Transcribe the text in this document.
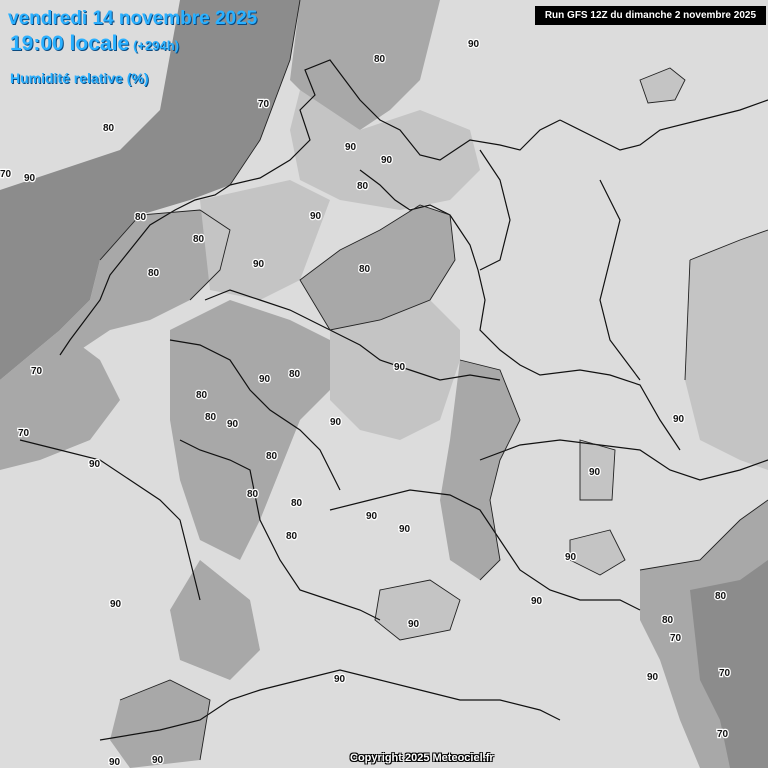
90
80
70
80
90
90
90
80
80	90
80
80	80
90
70
70
90 80
90
80
80
90	90
90
80
80
80
80
90
90
90
90
90
90
90
90
80
70
90	70
70
80
90
90	90
70
vendredi 14 novembre 2025
19:00 locale (+294h)
Humidité relative (%)
Run GFS 12Z du dimanche 2 novembre 2025
Copyright 2025 Meteociel.fr
